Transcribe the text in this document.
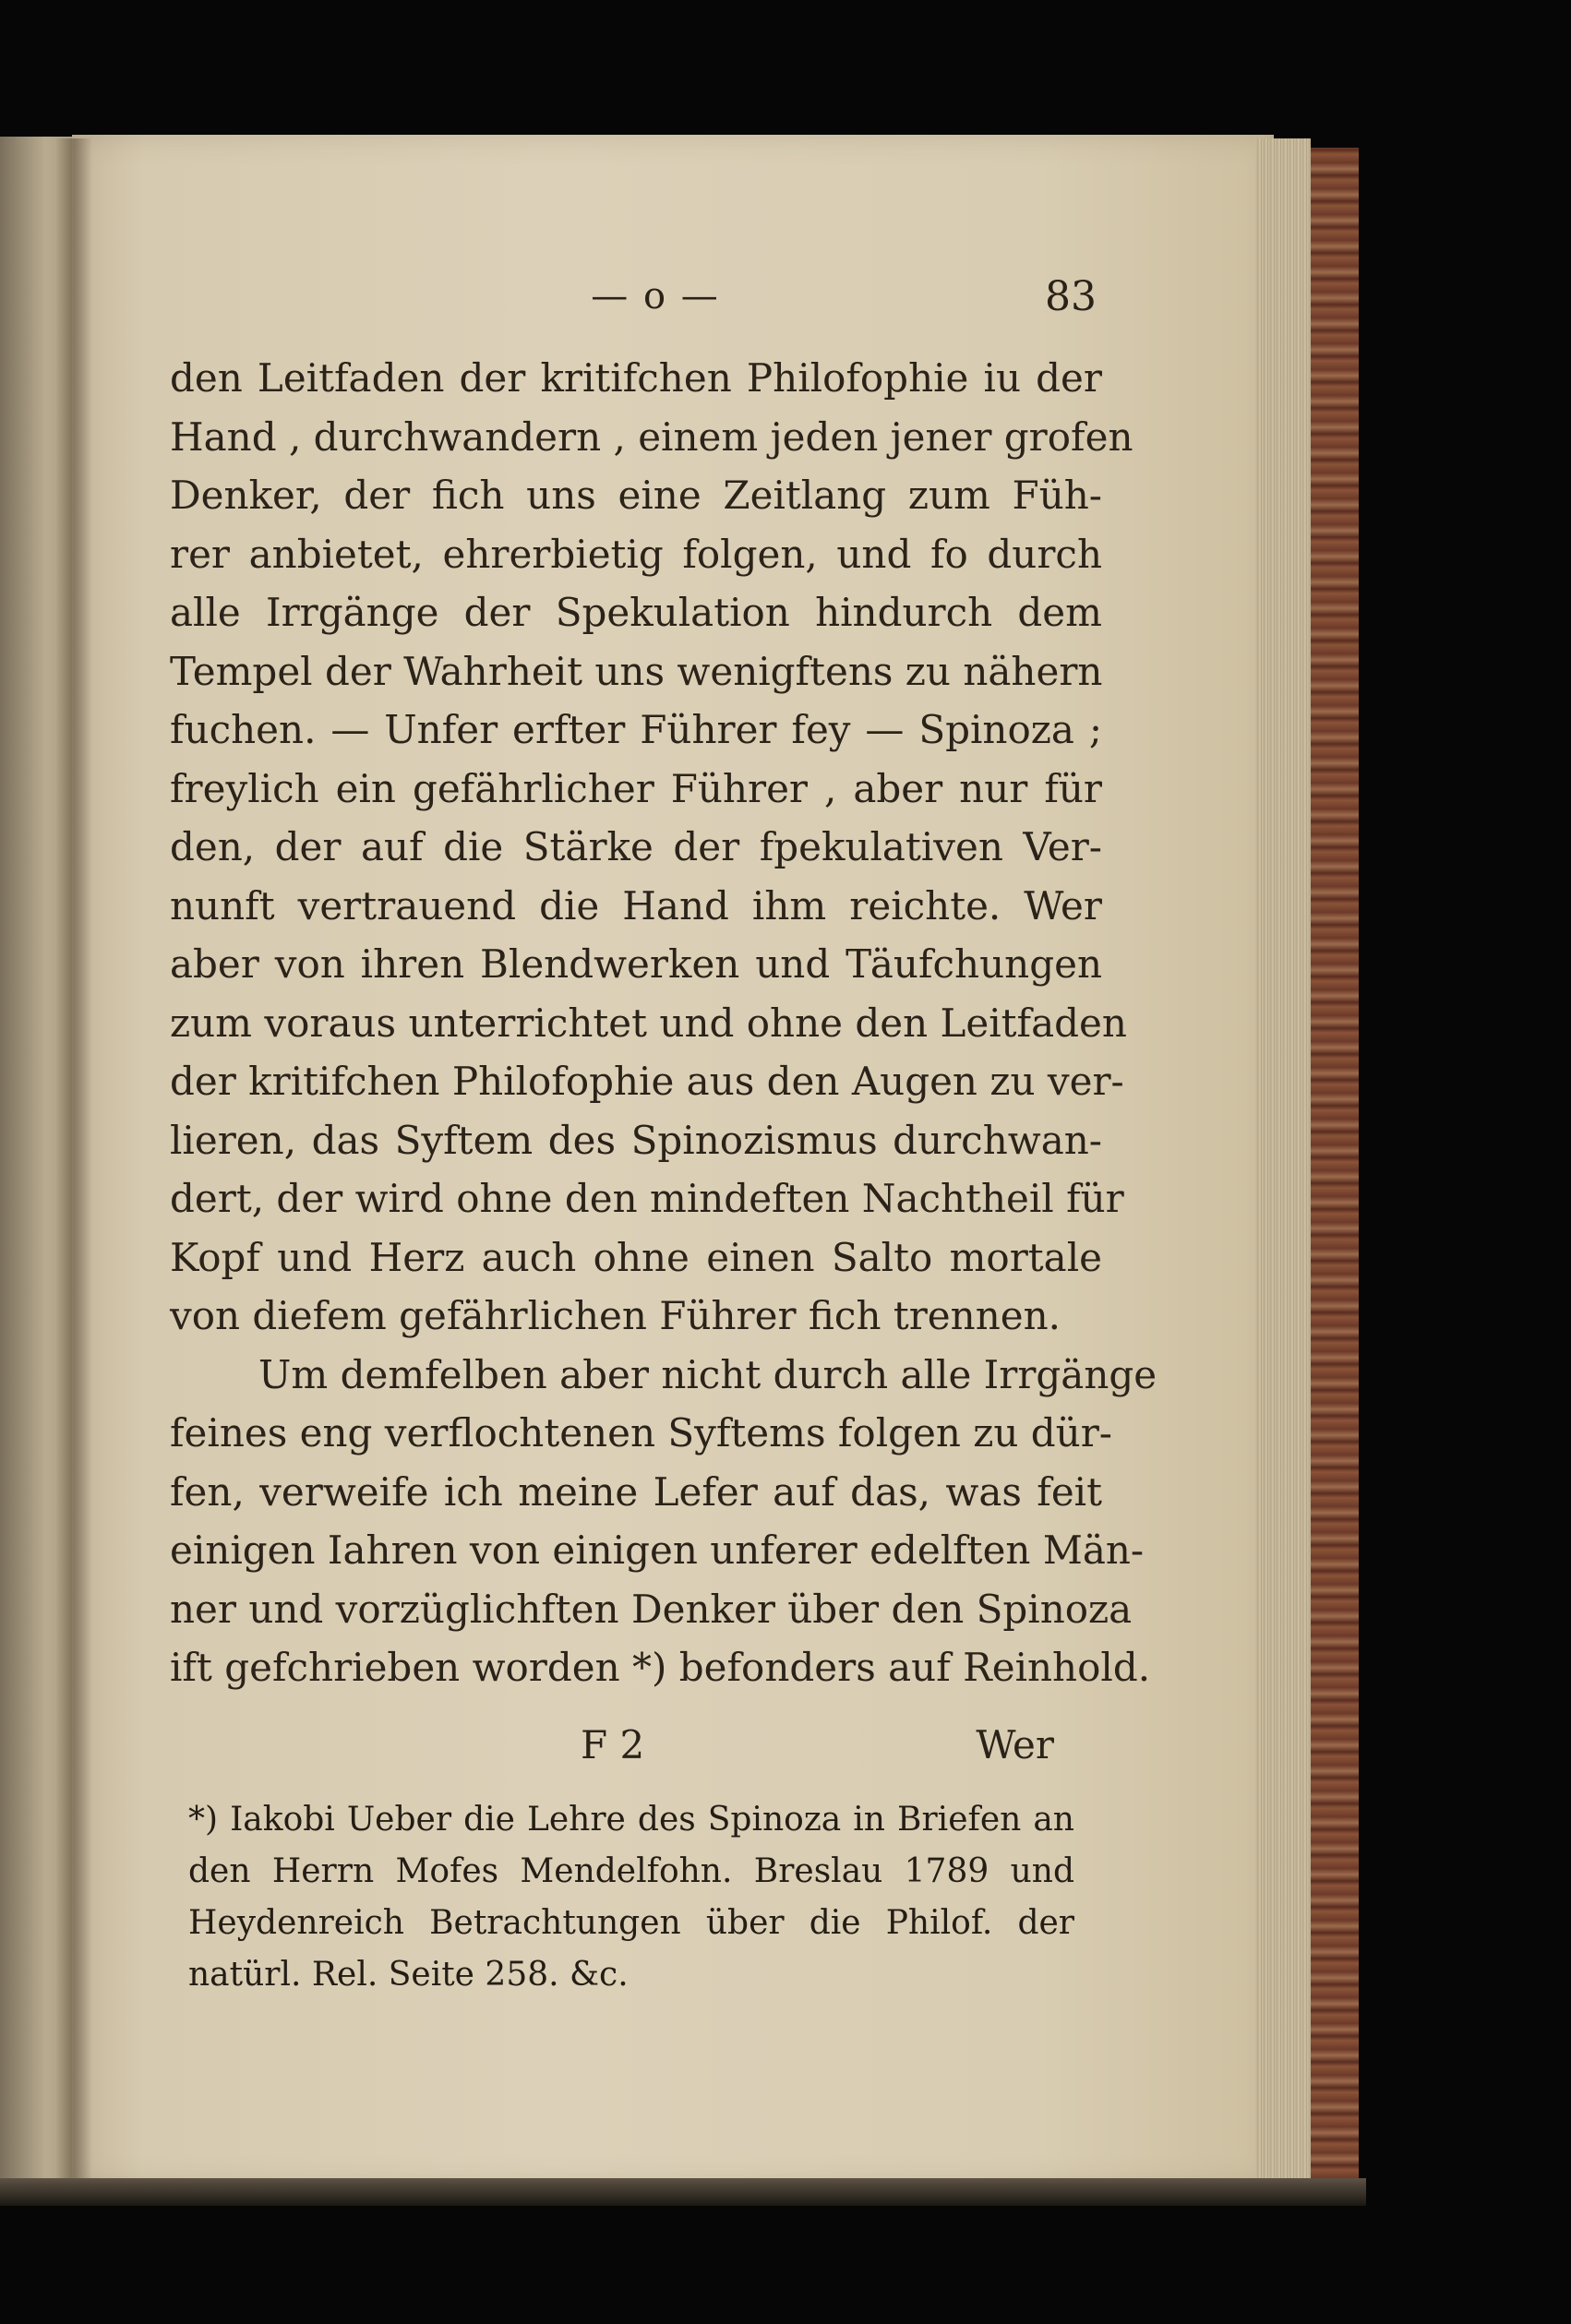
— o —	83
den Leitfaden der kritifchen Philofophie iu der
Hand , durchwandern , einem jeden jener grofen
Denker, der fich uns eine Zeitlang zum Füh-
rer anbietet, ehrerbietig folgen, und fo durch
alle Irrgänge der Spekulation hindurch dem
Tempel der Wahrheit uns wenigftens zu nähern
fuchen. — Unfer erfter Führer fey — Spinoza ;
freylich ein gefährlicher Führer , aber nur für
den, der auf die Stärke der fpekulativen Ver-
nunft vertrauend die Hand ihm reichte. Wer
aber von ihren Blendwerken und Täufchungen
zum voraus unterrichtet und ohne den Leitfaden
der kritifchen Philofophie aus den Augen zu ver-
lieren, das Syftem des Spinozismus durchwan-
dert, der wird ohne den mindeften Nachtheil für
Kopf und Herz auch ohne einen Salto mortale
von diefem gefährlichen Führer fich trennen.
Um demfelben aber nicht durch alle Irrgänge
feines eng verflochtenen Syftems folgen zu dür-
fen, verweife ich meine Lefer auf das, was feit
einigen Iahren von einigen unferer edelften Män-
ner und vorzüglichften Denker über den Spinoza
ift gefchrieben worden *) befonders auf Reinhold.
F 2	Wer
*) Iakobi Ueber die Lehre des Spinoza in Briefen an
den Herrn Mofes Mendelfohn. Breslau 1789 und
Heydenreich Betrachtungen über die Philof. der
natürl. Rel. Seite 258. &c.
